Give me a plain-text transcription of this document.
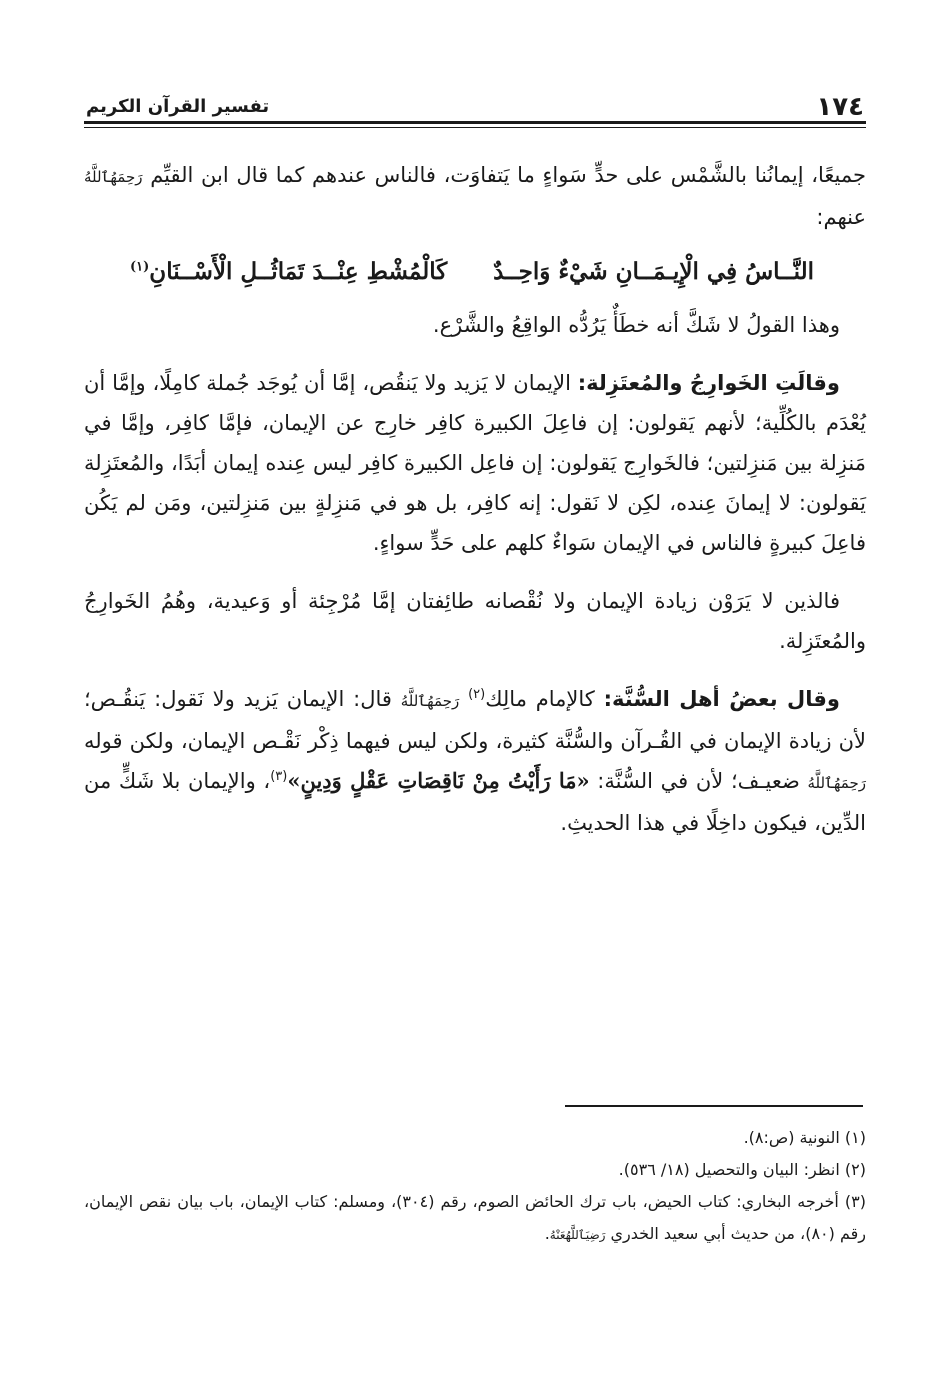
١٧٤
تفسير القرآن الكريم

جميعًا، إيمانُنا بالشَّمْس على حدٍّ سَواءٍ ما يَتفاوَت، فالناس عندهم كما قال ابن القيِّم رَحِمَهُٱللَّهُ عنهم:

النَّــاسُ فِي الْإِيـمَــانِ شَيْءٌ وَاحِــدٌ
كَالْمُشْطِ عِنْــدَ تَمَاثُــلِ الْأَسْــنَانِ$^{(١)}$

وهذا القولُ لا شَكَّ أنه خطَأٌ يَرُدُّه الواقِعُ والشَّرْع.

وقالَتِ الخَوارِجُ والمُعتَزِلة: الإيمان لا يَزيد ولا يَنقُص، إمَّا أن يُوجَد جُملة كامِلًا، وإمَّا أن يُعْدَم بالكُلِّية؛ لأنهم يَقولون: إن فاعِلَ الكبيرة كافِر خارِج عن الإيمان، فإمَّا كافِر، وإمَّا في مَنزِلة بين مَنزِلتين؛ فالخَوارِج يَقولون: إن فاعِل الكبيرة كافِر ليس عِنده إيمان أبَدًا، والمُعتَزِلة يَقولون: لا إيمانَ عِنده، لكِن لا نَقول: إنه كافِر، بل هو في مَنزِلةٍ بين مَنزِلتين، ومَن لم يَكُن فاعِلَ كبيرةٍ فالناس في الإيمان سَواءٌ كلهم على حَدٍّ سواءٍ.

فالذين لا يَرَوْن زيادة الإيمان ولا نُقْصانه طائِفتان إمَّا مُرْجِئة أو وَعيدية، وهُمُ الخَوارِجُ والمُعتَزِلة.

وقال بعضُ أهل السُّنَّة: كالإمام مالِك$^{(٢)}$ رَحِمَهُٱللَّهُ قال: الإيمان يَزيد ولا نَقول: يَنقُـص؛ لأن زيادة الإيمان في القُـرآن والسُّنَّة كثيرة، ولكن ليس فيهما ذِكْر نَقْـص الإيمان، ولكن قوله رَحِمَهُٱللَّهُ ضعيـف؛ لأن في السُّنَّة: «مَا رَأَيْتُ مِنْ نَاقِصَاتِ عَقْلٍ وَدِينٍ»$^{(٣)}$، والإيمان بلا شَكٍّ من الدِّين، فيكون داخِلًا في هذا الحديثِ.

(١) النونية (ص:٨).

(٢) انظر: البيان والتحصيل (١٨/ ٥٣٦).

(٣) أخرجه البخاري: كتاب الحيض، باب ترك الحائض الصوم، رقم (٣٠٤)، ومسلم: كتاب الإيمان، باب بيان نقص الإيمان، رقم (٨٠)، من حديث أبي سعيد الخدري رَضِيَٱللَّهُعَنْهُ.
